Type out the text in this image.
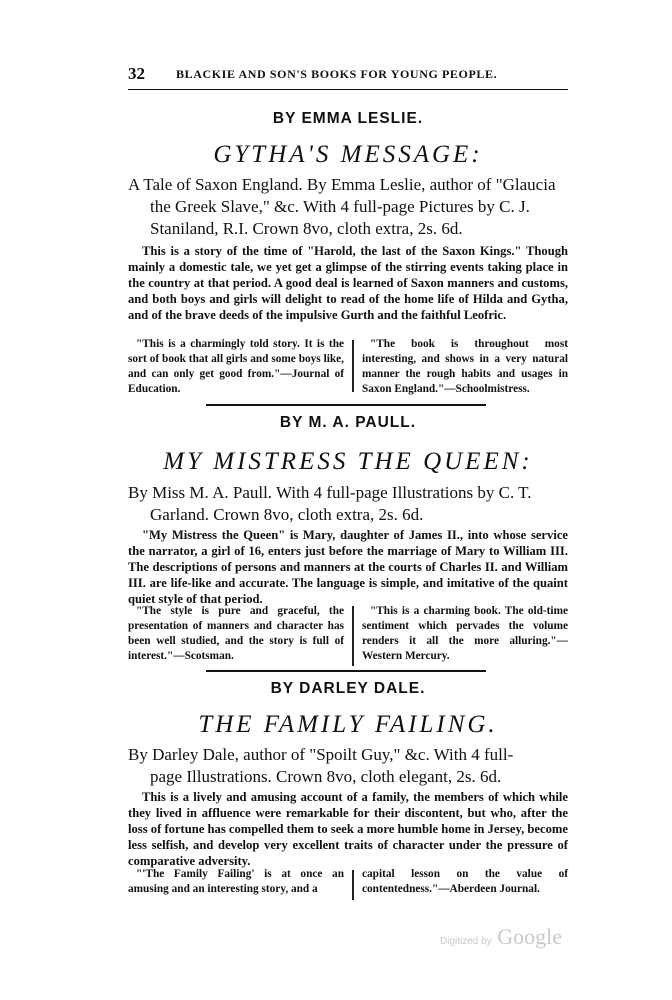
32	BLACKIE AND SON'S BOOKS FOR YOUNG PEOPLE.
BY EMMA LESLIE.
GYTHA'S MESSAGE:
A Tale of Saxon England. By Emma Leslie, author of "Glaucia
the Greek Slave," &c. With 4 full-page Pictures by C. J.
Staniland, R.I. Crown 8vo, cloth extra, 2s. 6d.
This is a story of the time of "Harold, the last of the Saxon Kings." Though mainly a domestic tale, we yet get a glimpse of the stirring events taking place in the country at that period. A good deal is learned of Saxon manners and customs, and both boys and girls will delight to read of the home life of Hilda and Gytha, and of the brave deeds of the impulsive Gurth and the faithful Leofric.
"This is a charmingly told story. It is the sort of book that all girls and some boys like, and can only get good from."—Journal of Education.
"The book is throughout most interesting, and shows in a very natural manner the rough habits and usages in Saxon England."—Schoolmistress.
BY M. A. PAULL.
MY MISTRESS THE QUEEN:
By Miss M. A. Paull. With 4 full-page Illustrations by C. T.
Garland. Crown 8vo, cloth extra, 2s. 6d.
"My Mistress the Queen" is Mary, daughter of James II., into whose service the narrator, a girl of 16, enters just before the marriage of Mary to William III. The descriptions of persons and manners at the courts of Charles II. and William III. are life-like and accurate. The language is simple, and imitative of the quaint quiet style of that period.
"The style is pure and graceful, the presentation of manners and character has been well studied, and the story is full of interest."—Scotsman.
"This is a charming book. The old-time sentiment which pervades the volume renders it all the more alluring."—Western Mercury.
BY DARLEY DALE.
THE FAMILY FAILING.
By Darley Dale, author of "Spoilt Guy," &c. With 4 full-
page Illustrations. Crown 8vo, cloth elegant, 2s. 6d.
This is a lively and amusing account of a family, the members of which while they lived in affluence were remarkable for their discontent, but who, after the loss of fortune has compelled them to seek a more humble home in Jersey, become less selfish, and develop very excellent traits of character under the pressure of comparative adversity.
"'The Family Failing' is at once an amusing and an interesting story, and a
capital lesson on the value of contentedness."—Aberdeen Journal.
Digitized by Google
